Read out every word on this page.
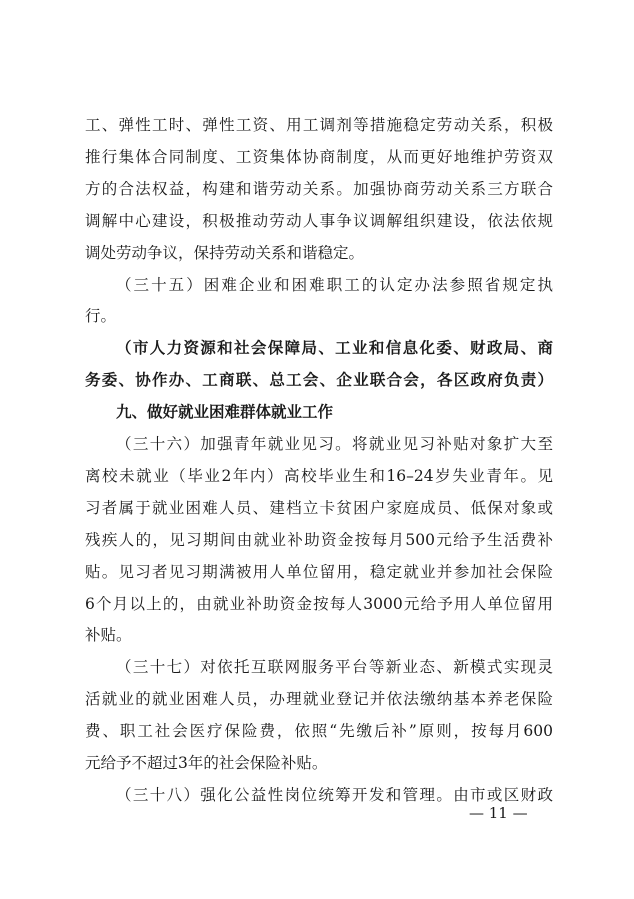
工、弹性工时、弹性工资、用工调剂等措施稳定劳动关系，积极
推行集体合同制度、工资集体协商制度，从而更好地维护劳资双
方的合法权益，构建和谐劳动关系。加强协商劳动关系三方联合
调解中心建设，积极推动劳动人事争议调解组织建设，依法依规
调处劳动争议，保持劳动关系和谐稳定。
（三十五）困难企业和困难职工的认定办法参照省规定执
行。
（市人力资源和社会保障局、工业和信息化委、财政局、商
务委、协作办、工商联、总工会、企业联合会，各区政府负责）
九、做好就业困难群体就业工作
（三十六）加强青年就业见习。将就业见习补贴对象扩大至
离校未就业（毕业2年内）高校毕业生和16–24岁失业青年。见
习者属于就业困难人员、建档立卡贫困户家庭成员、低保对象或
残疾人的，见习期间由就业补助资金按每月500元给予生活费补
贴。见习者见习期满被用人单位留用，稳定就业并参加社会保险
6个月以上的，由就业补助资金按每人3000元给予用人单位留用
补贴。
（三十七）对依托互联网服务平台等新业态、新模式实现灵
活就业的就业困难人员，办理就业登记并依法缴纳基本养老保险
费、职工社会医疗保险费，依照“先缴后补”原则，按每月600
元给予不超过3年的社会保险补贴。
（三十八）强化公益性岗位统筹开发和管理。由市或区财政
— 11 —
